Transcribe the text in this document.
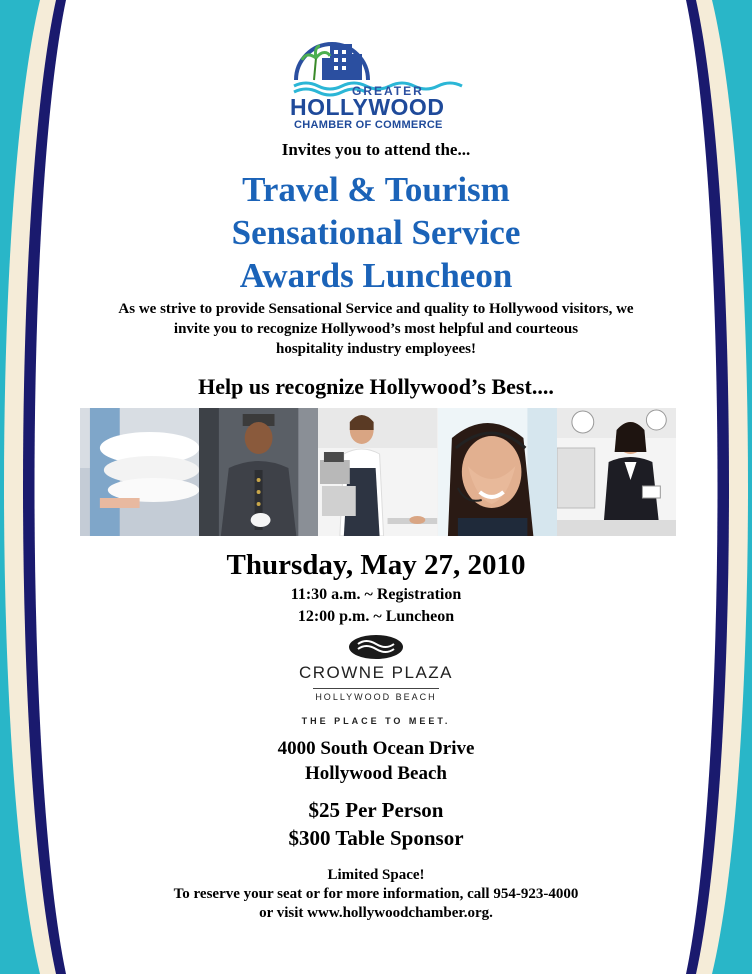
GREATER
HOLLYWOOD
CHAMBER OF COMMERCE
Invites you to attend the...
Travel & Tourism
Sensational Service
Awards Luncheon
As we strive to provide Sensational Service and quality to Hollywood visitors, we
invite you to recognize Hollywood’s most helpful and courteous
hospitality industry employees!
Help us recognize Hollywood’s Best....
Thursday, May 27, 2010
11:30 a.m. ~ Registration
12:00 p.m. ~ Luncheon
CROWNE PLAZA
HOLLYWOOD BEACH
THE PLACE TO MEET.
4000 South Ocean Drive
Hollywood Beach
$25 Per Person
$300 Table Sponsor
Limited Space!
To reserve your seat or for more information, call 954-923-4000
or visit www.hollywoodchamber.org.
